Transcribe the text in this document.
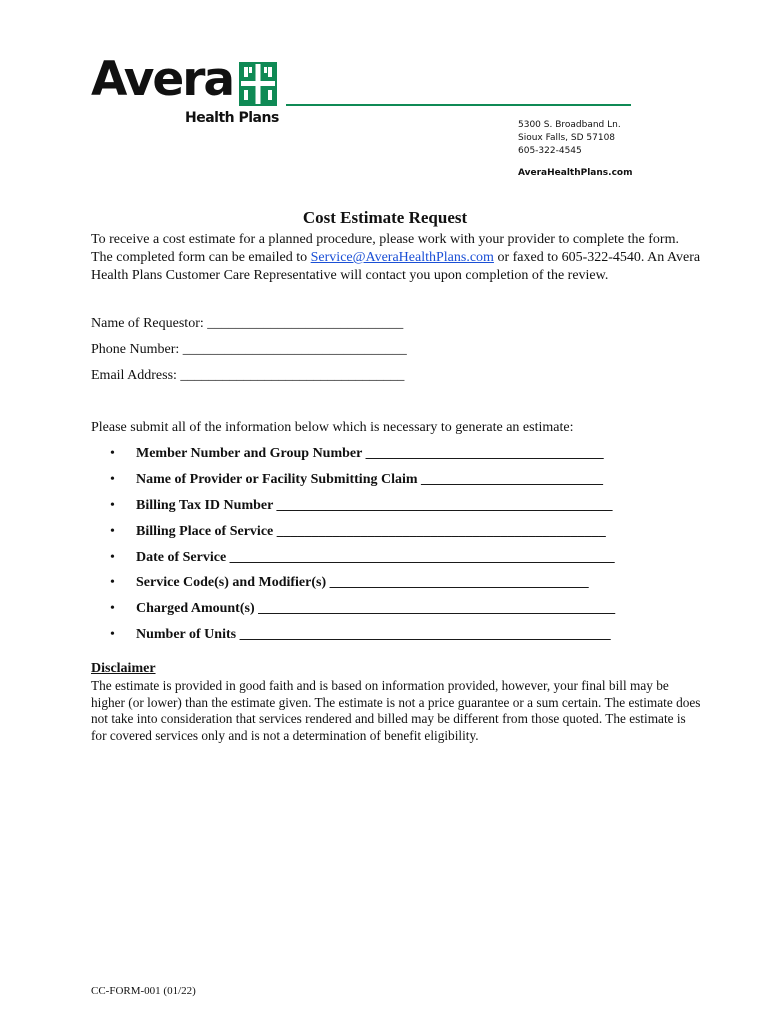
Avera
Health Plans	5300 S. Broadband Ln.
Sioux Falls, SD 57108
605-322-4545
AveraHealthPlans.com
Cost Estimate Request
To receive a cost estimate for a planned procedure, please work with your provider to complete the form. The completed form can be emailed to Service@AveraHealthPlans.com or faxed to 605-322-4540. An Avera Health Plans Customer Care Representative will contact you upon completion of the review.
Name of Requestor: ____________________________
Phone Number: ________________________________
Email Address: ________________________________
Please submit all of the information below which is necessary to generate an estimate:
• Member Number and Group Number __________________________________
• Name of Provider or Facility Submitting Claim __________________________
• Billing Tax ID Number ________________________________________________
• Billing Place of Service _______________________________________________
• Date of Service _______________________________________________________
• Service Code(s) and Modifier(s) _____________________________________
• Charged Amount(s) ___________________________________________________
• Number of Units _____________________________________________________
Disclaimer
The estimate is provided in good faith and is based on information provided, however, your final bill may be higher (or lower) than the estimate given. The estimate is not a price guarantee or a sum certain. The estimate does not take into consideration that services rendered and billed may be different from those quoted. The estimate is for covered services only and is not a determination of benefit eligibility.
CC-FORM-001 (01/22)
